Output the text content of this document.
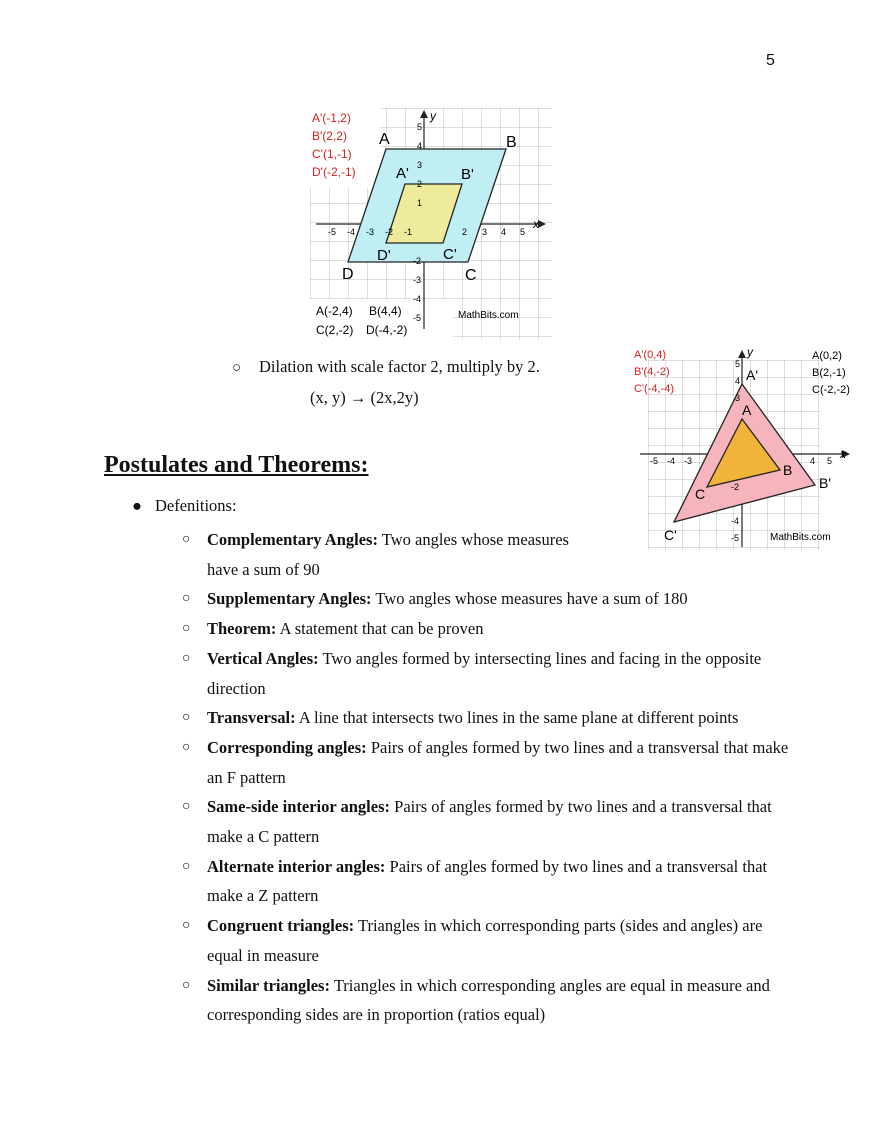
5
A'(-1,2)
B'(2,2)
C'(1,-1)
D'(-2,-1)
A	B
C
D
A'	B'
C'
D'
x
y
-5 -4 -3 -2 -1	2 3 4 5
5
4
3
2
1
-2
-3
-4
-5
A(-2,4) B(4,4)
C(2,-2) D(-4,-2)
MathBits.com
A'(0,4)
B'(4,-2)
C'(-4,-4)
A(0,2)
B(2,-1)
C(-2,-2)
A'
A
B
B'
C
C'
x
y
-5 -4 -3	4 5
5
4
3
-2
-4
-5	MathBits.com
○ Dilation with scale factor 2, multiply by 2.
(x, y) → (2x,2y)
Postulates and Theorems:
● Defenitions:
○ Complementary Angles: Two angles whose measures have a sum of 90
○ Supplementary Angles: Two angles whose measures have a sum of 180
○ Theorem: A statement that can be proven
○ Vertical Angles: Two angles formed by intersecting lines and facing in the opposite direction
○ Transversal: A line that intersects two lines in the same plane at different points
○ Corresponding angles: Pairs of angles formed by two lines and a transversal that make an F pattern
○ Same-side interior angles: Pairs of angles formed by two lines and a transversal that make a C pattern
○ Alternate interior angles: Pairs of angles formed by two lines and a transversal that make a Z pattern
○ Congruent triangles: Triangles in which corresponding parts (sides and angles) are equal in measure
○ Similar triangles: Triangles in which corresponding angles are equal in measure and corresponding sides are in proportion (ratios equal)
